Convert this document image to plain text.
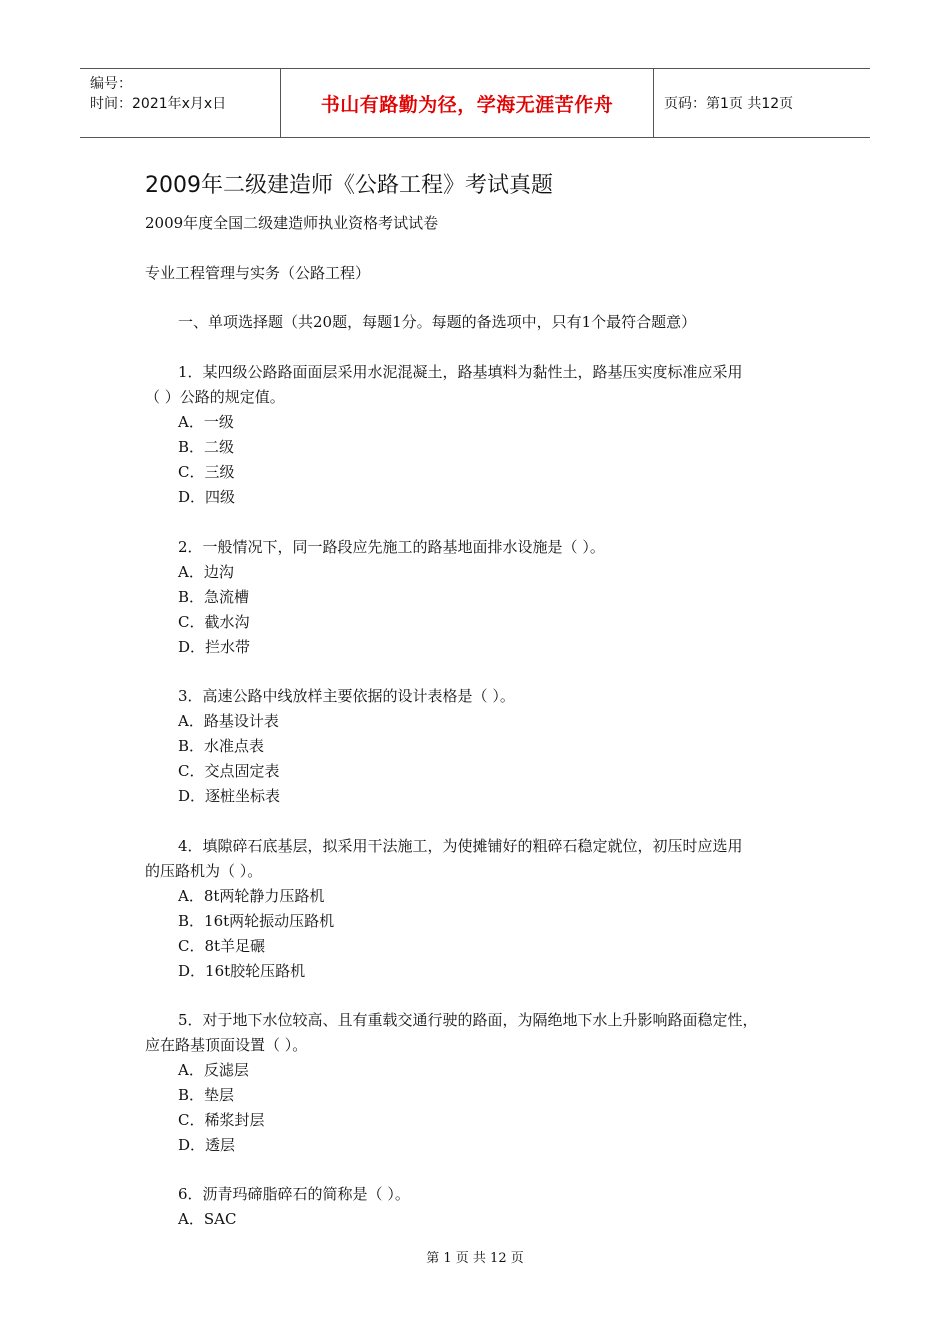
编号：
时间：2021年x月x日	书山有路勤为径，学海无涯苦作舟	页码：第1页 共12页
2009年二级建造师《公路工程》考试真题
2009年度全国二级建造师执业资格考试试卷
专业工程管理与实务（公路工程）
一、单项选择题（共20题，每题1分。每题的备选项中，只有1个最符合题意）
1．某四级公路路面面层采用水泥混凝土，路基填料为黏性土，路基压实度标准应采用
（ ）公路的规定值。
A．一级
B．二级
C．三级
D．四级
2．一般情况下，同一路段应先施工的路基地面排水设施是（ ）。
A．边沟
B．急流槽
C．截水沟
D．拦水带
3．高速公路中线放样主要依据的设计表格是（ ）。
A．路基设计表
B．水准点表
C．交点固定表
D．逐桩坐标表
4．填隙碎石底基层，拟采用干法施工，为使摊铺好的粗碎石稳定就位，初压时应选用
的压路机为（ ）。
A．8t两轮静力压路机
B．16t两轮振动压路机
C．8t羊足碾
D．16t胶轮压路机
5．对于地下水位较高、且有重载交通行驶的路面，为隔绝地下水上升影响路面稳定性，
应在路基顶面设置（ ）。
A．反滤层
B．垫层
C．稀浆封层
D．透层
6．沥青玛碲脂碎石的简称是（ ）。
A．SAC
第 1 页 共 12 页
